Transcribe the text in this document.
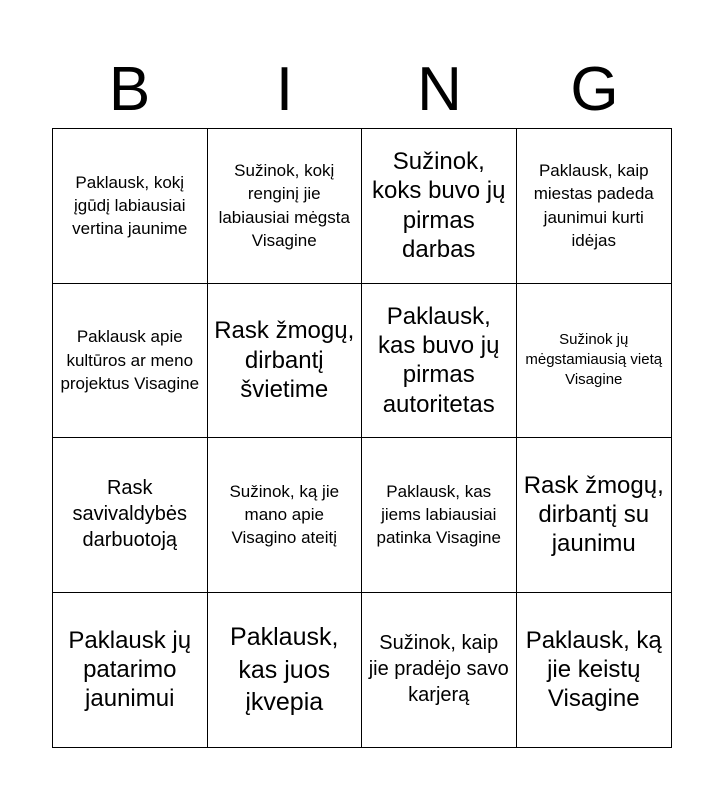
B	I	N	G
Paklausk, kokį įgūdį labiausiai vertina jaunime
Sužinok, kokį renginį jie labiausiai mėgsta Visagine
Sužinok, koks buvo jų pirmas darbas
Paklausk, kaip miestas padeda jaunimui kurti idėjas
Paklausk apie kultūros ar meno projektus Visagine
Rask žmogų, dirbantį švietime
Paklausk, kas buvo jų pirmas autoritetas
Sužinok jų mėgstamiausią vietą Visagine
Rask savivaldybės darbuotoją
Sužinok, ką jie mano apie Visagino ateitį
Paklausk, kas jiems labiausiai patinka Visagine
Rask žmogų, dirbantį su jaunimu
Paklausk jų patarimo jaunimui
Paklausk, kas juos įkvepia
Sužinok, kaip jie pradėjo savo karjerą
Paklausk, ką jie keistų Visagine
